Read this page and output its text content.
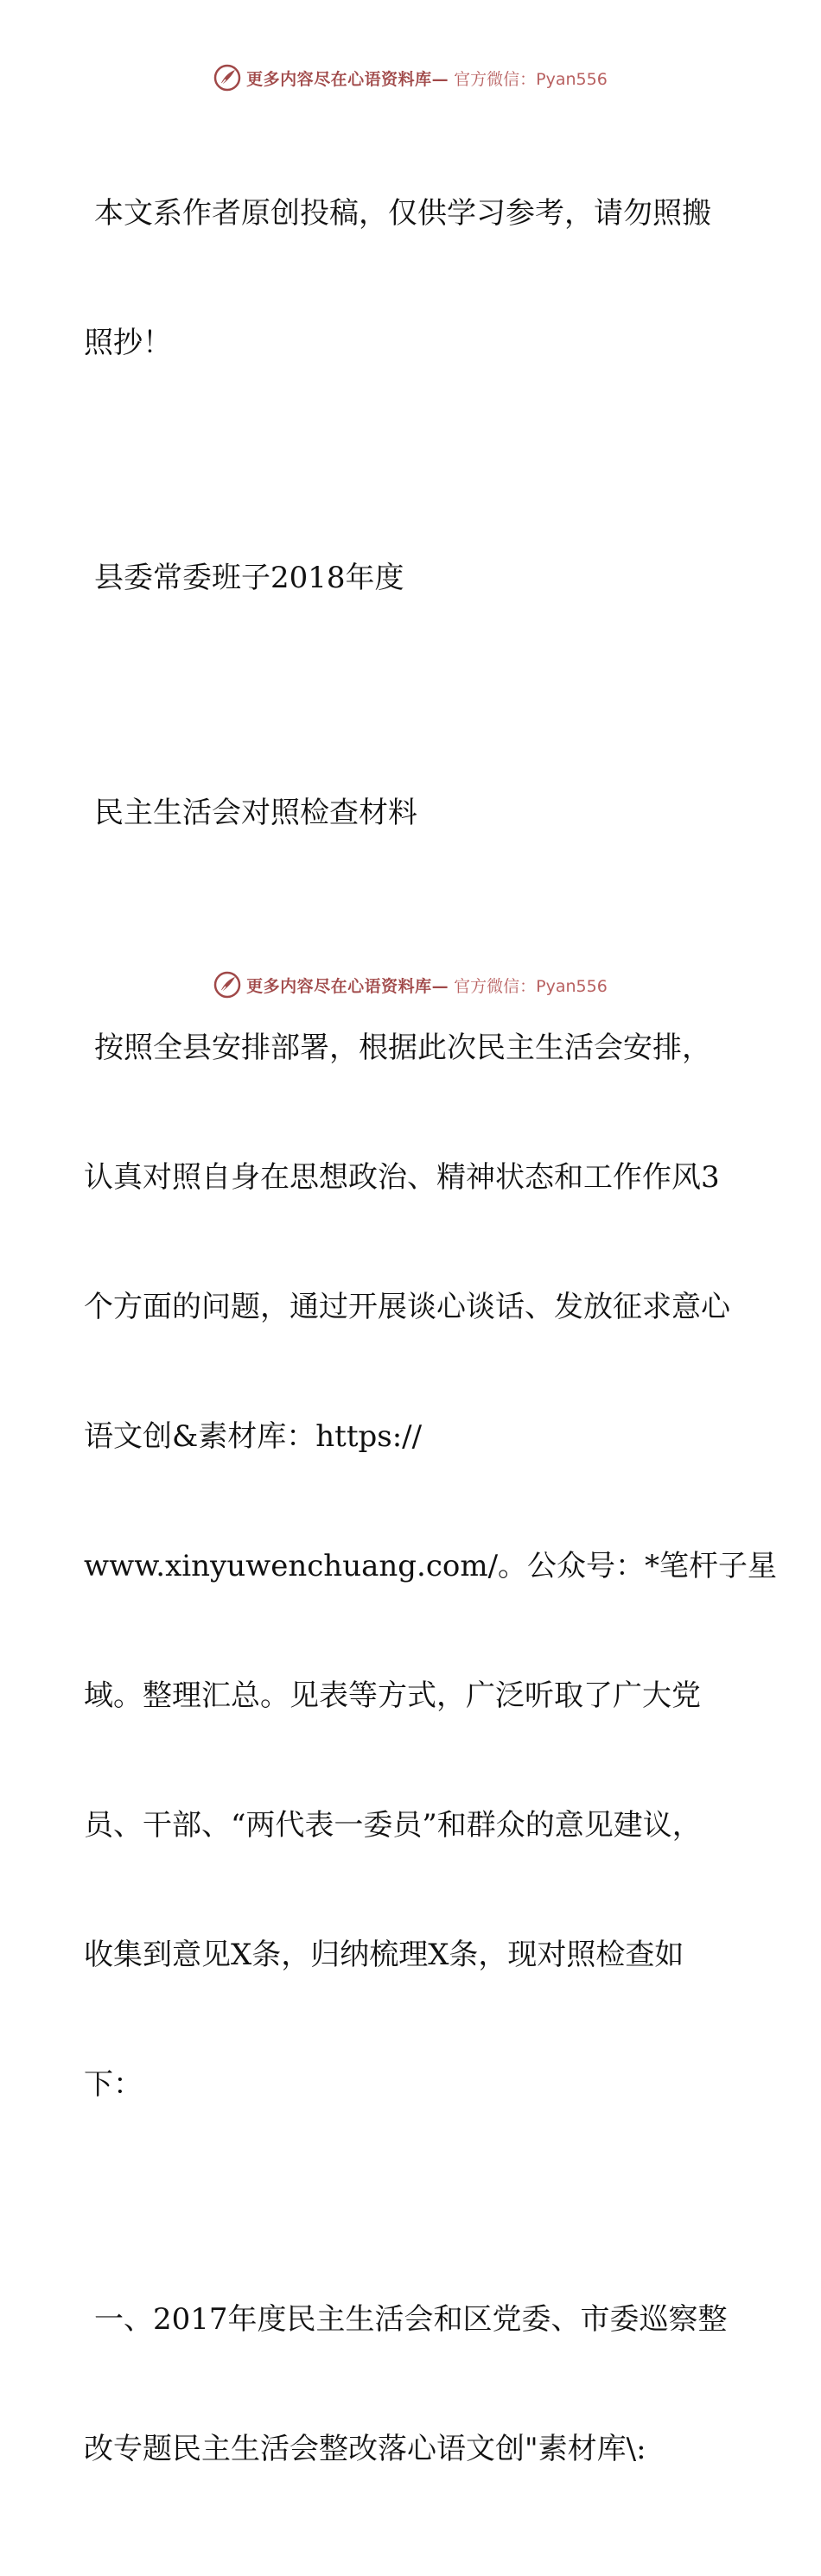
更多内容尽在心语资料库— 官方微信：Pyan556

本文系作者原创投稿，仅供学习参考，请勿照搬

照抄！

县委常委班子2018年度

民主生活会对照检查材料

按照全县安排部署，根据此次民主生活会安排，

认真对照自身在思想政治、精神状态和工作作风3

个方面的问题，通过开展谈心谈话、发放征求意心

语文创&素材库：https://

www.xinyuwenchuang.com/。公众号：*笔杆子星

域。整理汇总。见表等方式，广泛听取了广大党

员、干部、“两代表一委员”和群众的意见建议，

收集到意见X条，归纳梳理X条，现对照检查如

下：

一、2017年度民主生活会和区党委、市委巡察整

改专题民主生活会整改落心语文创"素材库\:

更多内容尽在心语资料库— 官方微信：Pyan556
